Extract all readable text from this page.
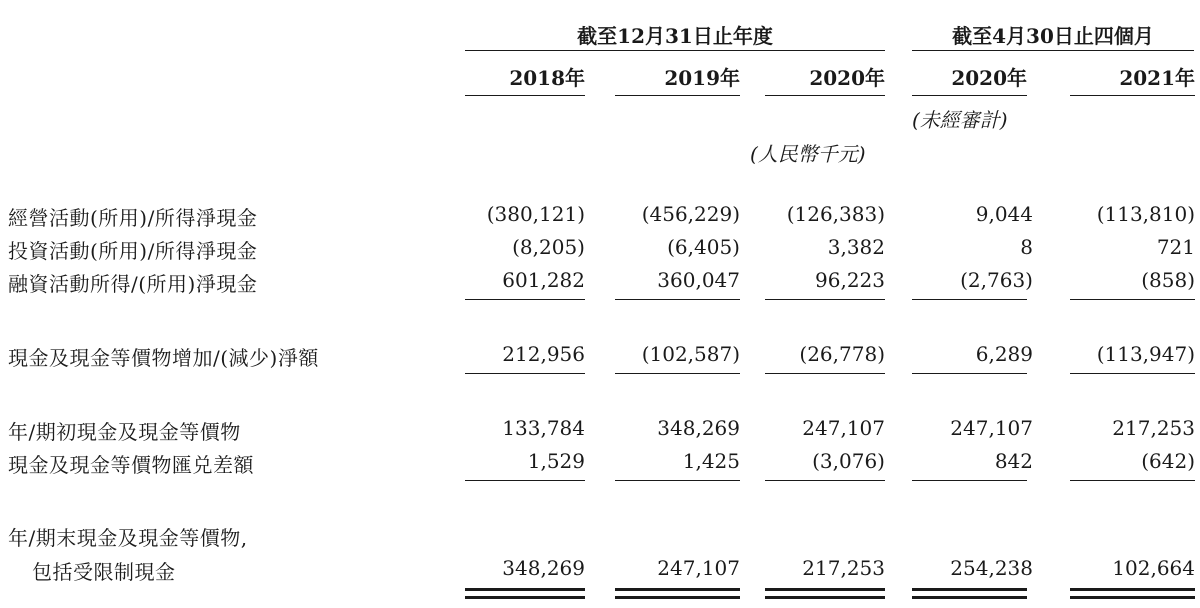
截至12月31日止年度	截至4月30日止四個月
2018年	2019年	2020年	2020年	2021年
(未經審計)
(人民幣千元)
經營活動(所用)/所得淨現金	(380,121)	(456,229)	(126,383)	9,044	(113,810)
投資活動(所用)/所得淨現金	(8,205)	(6,405)	3,382	8	721
融資活動所得/(所用)淨現金	601,282	360,047	96,223	(2,763)	(858)
現金及現金等價物增加/(減少)淨額	212,956	(102,587)	(26,778)	6,289	(113,947)
年/期初現金及現金等價物	133,784	348,269	247,107	247,107	217,253
現金及現金等價物匯兑差額	1,529	1,425	(3,076)	842	(642)
年/期末現金及現金等價物,
包括受限制現金	348,269	247,107	217,253	254,238	102,664
